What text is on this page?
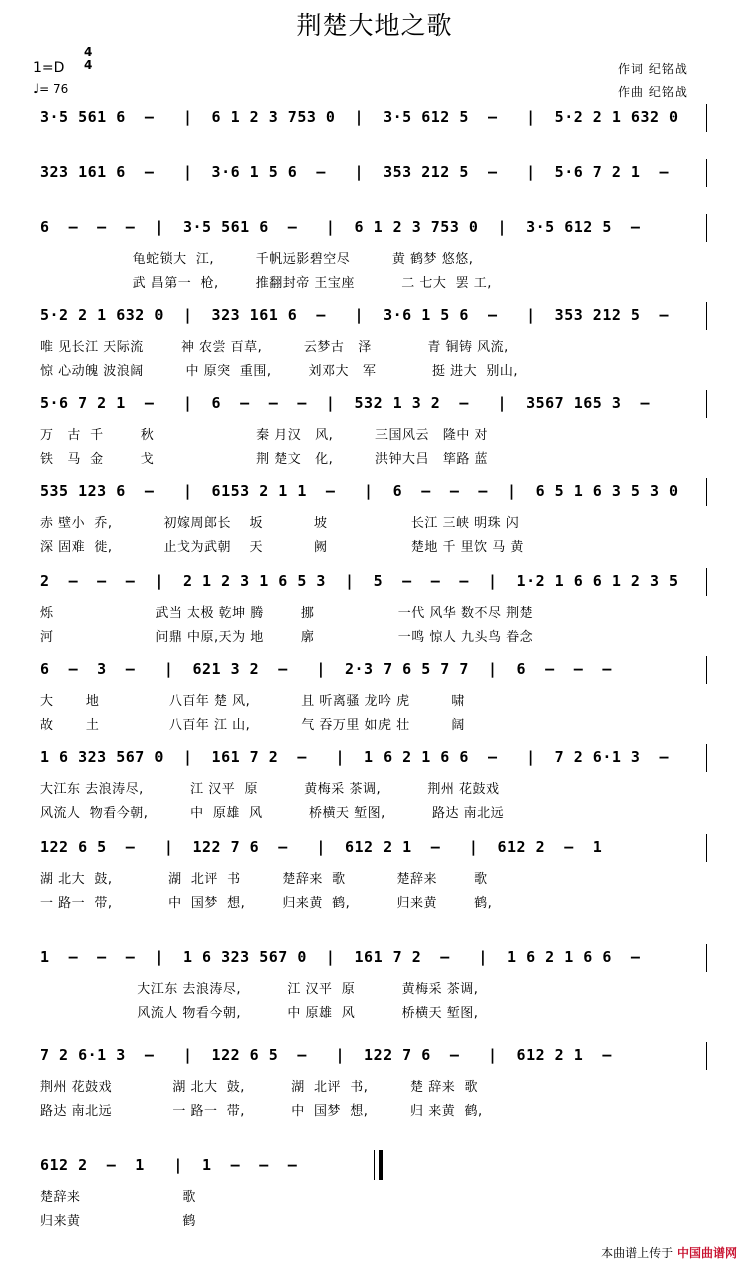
荆楚大地之歌
1=D
4
4
♩= 76
作词 纪铭战
作曲 纪铭战
3·5 561 6  –   |  6 1 2 3 753 0  |  3·5 612 5  –   |  5·2 2 1 632 0
323 161 6  –   |  3·6 1 5 6  –   |  353 212 5  –   |  5·6 7 2 1  –
6  –  –  –  |  3·5 561 6  –   |  6 1 2 3 753 0  |  3·5 612 5  –
龟蛇锁大  江,         千帆远影碧空尽         黄 鹤梦 悠悠,
武 昌第一  枪,        推翻封帝 王宝座          二 七大  罢 工,
5·2 2 1 632 0  |  323 161 6  –   |  3·6 1 5 6  –   |  353 212 5  –
唯 见长江 天际流        神 农尝 百草,         云梦古   泽            青 铜铸 风流,
惊 心动魄 波浪阔         中 原突  重围,        刘邓大   军            挺 进大  别山,
5·6 7 2 1  –   |  6  –  –  –  |  532 1 3 2  –   |  3567 165 3  –
万   古  千        秋                      秦 月汉   风,         三国风云   隆中 对
铁   马  金        戈                      荆 楚文   化,         洪钟大吕   筚路 蓝
535 123 6  –   |  6153 2 1 1  –   |  6  –  –  –  |  6 5 1 6 3 5 3 0
赤 壁小  乔,           初嫁周郎长    坂           坡                  长江 三峡 明珠 闪
深 固难  徙,           止戈为武朝    天           阙                  楚地 千 里饮 马 黄
2  –  –  –  |  2 1 2 3 1 6 5 3  |  5  –  –  –  |  1·2 1 6 6 1 2 3 5
烁                      武当 太极 乾坤 腾        挪                  一代 风华 数不尽 荆楚
河                      问鼎 中原,天为 地        廓                  一鸣 惊人 九头鸟 眷念
6  –  3  –   |  621 3 2  –   |  2·3 7 6 5 7 7  |  6  –  –  –
大       地               八百年 楚 风,           且 听离骚 龙吟 虎         啸
故       土               八百年 江 山,           气 吞万里 如虎 壮         阔
1 6 323 567 0  |  161 7 2  –   |  1 6 2 1 6 6  –   |  7 2 6·1 3  –
大江东 去浪涛尽,          江 汉平  原          黄梅采 茶调,          荆州 花鼓戏
风流人  物看今朝,         中  原雄  风          桥横天 堑图,          路达 南北远
122 6 5  –   |  122 7 6  –   |  612 2 1  –   |  612 2  –  1
湖 北大  鼓,            湖  北评  书         楚辞来  歌           楚辞来        歌
一 路一  带,            中  国梦  想,        归来黄  鹤,          归来黄        鹤,
1  –  –  –  |  1 6 323 567 0  |  161 7 2  –   |  1 6 2 1 6 6  –
大江东 去浪涛尽,          江 汉平  原          黄梅采 茶调,
风流人 物看今朝,          中 原雄  风          桥横天 堑图,
7 2 6·1 3  –   |  122 6 5  –   |  122 7 6  –   |  612 2 1  –
荆州 花鼓戏             湖 北大  鼓,          湖  北评  书,         楚 辞来  歌
路达 南北远             一 路一  带,          中  国梦  想,         归 来黄  鹤,
612 2  –  1   |  1  –  –  –
楚辞来                      歌
归来黄                      鹤
本曲谱上传于 中国曲谱网
